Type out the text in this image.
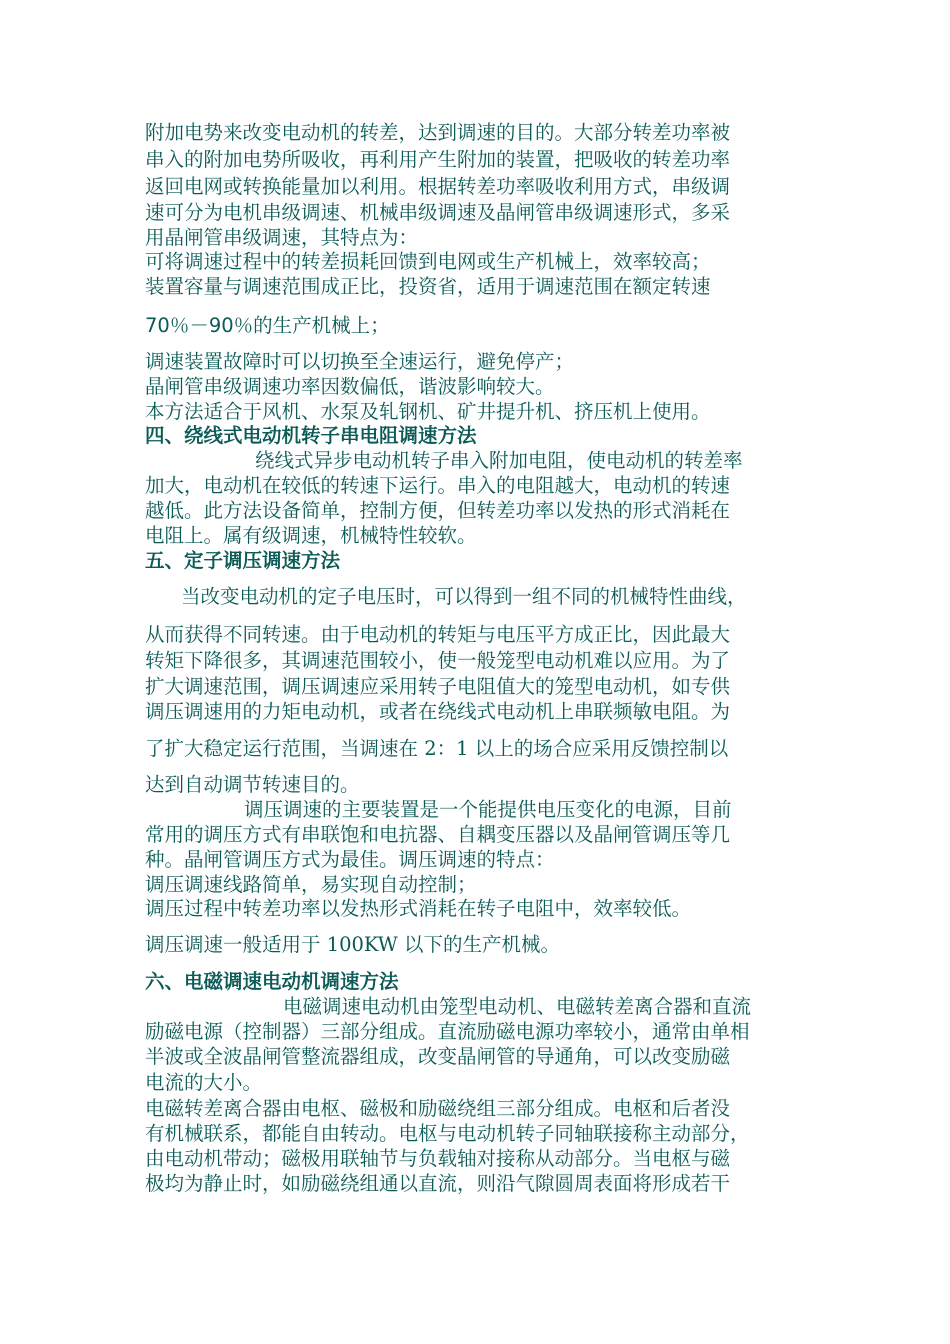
附加电势来改变电动机的转差，达到调速的目的。大部分转差功率被
串入的附加电势所吸收，再利用产生附加的装置，把吸收的转差功率
返回电网或转换能量加以利用。根据转差功率吸收利用方式，串级调
速可分为电机串级调速、机械串级调速及晶闸管串级调速形式，多采
用晶闸管串级调速，其特点为：
可将调速过程中的转差损耗回馈到电网或生产机械上，效率较高；
装置容量与调速范围成正比，投资省，适用于调速范围在额定转速
70％－90％的生产机械上；
调速装置故障时可以切换至全速运行，避免停产；
晶闸管串级调速功率因数偏低，谐波影响较大。
本方法适合于风机、水泵及轧钢机、矿井提升机、挤压机上使用。
四、绕线式电动机转子串电阻调速方法
绕线式异步电动机转子串入附加电阻，使电动机的转差率
加大，电动机在较低的转速下运行。串入的电阻越大，电动机的转速
越低。此方法设备简单，控制方便，但转差功率以发热的形式消耗在
电阻上。属有级调速，机械特性较软。
五、定子调压调速方法
当改变电动机的定子电压时，可以得到一组不同的机械特性曲线，
从而获得不同转速。由于电动机的转矩与电压平方成正比，因此最大
转矩下降很多，其调速范围较小，使一般笼型电动机难以应用。为了
扩大调速范围，调压调速应采用转子电阻值大的笼型电动机，如专供
调压调速用的力矩电动机，或者在绕线式电动机上串联频敏电阻。为
了扩大稳定运行范围，当调速在 2：1 以上的场合应采用反馈控制以
达到自动调节转速目的。
调压调速的主要装置是一个能提供电压变化的电源，目前
常用的调压方式有串联饱和电抗器、自耦变压器以及晶闸管调压等几
种。晶闸管调压方式为最佳。调压调速的特点：
调压调速线路简单，易实现自动控制；
调压过程中转差功率以发热形式消耗在转子电阻中，效率较低。
调压调速一般适用于 100KW 以下的生产机械。
六、电磁调速电动机调速方法
电磁调速电动机由笼型电动机、电磁转差离合器和直流
励磁电源（控制器）三部分组成。直流励磁电源功率较小，通常由单相
半波或全波晶闸管整流器组成，改变晶闸管的导通角，可以改变励磁
电流的大小。
电磁转差离合器由电枢、磁极和励磁绕组三部分组成。电枢和后者没
有机械联系，都能自由转动。电枢与电动机转子同轴联接称主动部分，
由电动机带动；磁极用联轴节与负载轴对接称从动部分。当电枢与磁
极均为静止时，如励磁绕组通以直流，则沿气隙圆周表面将形成若干
